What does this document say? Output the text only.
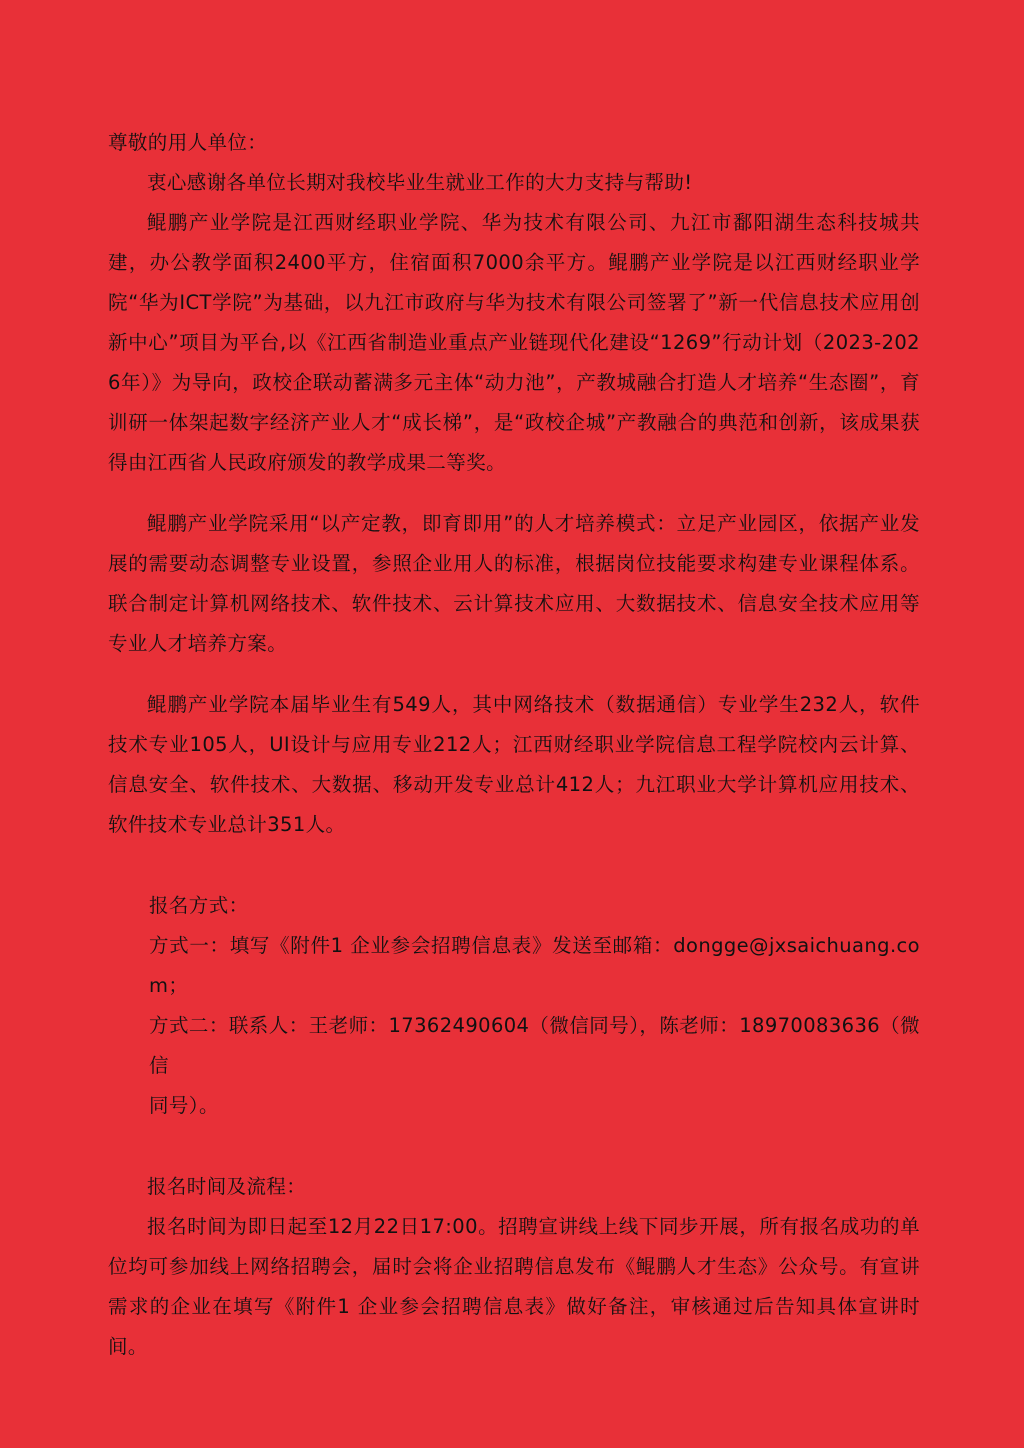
尊敬的用人单位：

衷心感谢各单位长期对我校毕业生就业工作的大力支持与帮助!

鲲鹏产业学院是江西财经职业学院、华为技术有限公司、九江市鄱阳湖生态科技城共建，办公教学面积2400平方，住宿面积7000余平方。鲲鹏产业学院是以江西财经职业学院“华为ICT学院”为基础，以九江市政府与华为技术有限公司签署了”新一代信息技术应用创新中心”项目为平台,以《江西省制造业重点产业链现代化建设“1269”行动计划（2023-2026年）》为导向，政校企联动蓄满多元主体“动力池”，产教城融合打造人才培养“生态圈”，育训研一体架起数字经济产业人才“成长梯”，是“政校企城”产教融合的典范和创新，该成果获得由江西省人民政府颁发的教学成果二等奖。

鲲鹏产业学院采用“以产定教，即育即用”的人才培养模式：立足产业园区，依据产业发展的需要动态调整专业设置，参照企业用人的标准，根据岗位技能要求构建专业课程体系。联合制定计算机网络技术、软件技术、云计算技术应用、大数据技术、信息安全技术应用等专业人才培养方案。

鲲鹏产业学院本届毕业生有549人，其中网络技术（数据通信）专业学生232人，软件技术专业105人，UI设计与应用专业212人；江西财经职业学院信息工程学院校内云计算、信息安全、软件技术、大数据、移动开发专业总计412人；九江职业大学计算机应用技术、软件技术专业总计351人。

报名方式：

方式一：填写《附件1 企业参会招聘信息表》发送至邮箱：dongge@jxsaichuang.com；

方式二：联系人：王老师：17362490604（微信同号），陈老师：18970083636（微信
同号）。

报名时间及流程：

报名时间为即日起至12月22日17:00。招聘宣讲线上线下同步开展，所有报名成功的单位均可参加线上网络招聘会，届时会将企业招聘信息发布《鲲鹏人才生态》公众号。有宣讲需求的企业在填写《附件1 企业参会招聘信息表》做好备注，审核通过后告知具体宣讲时间。
